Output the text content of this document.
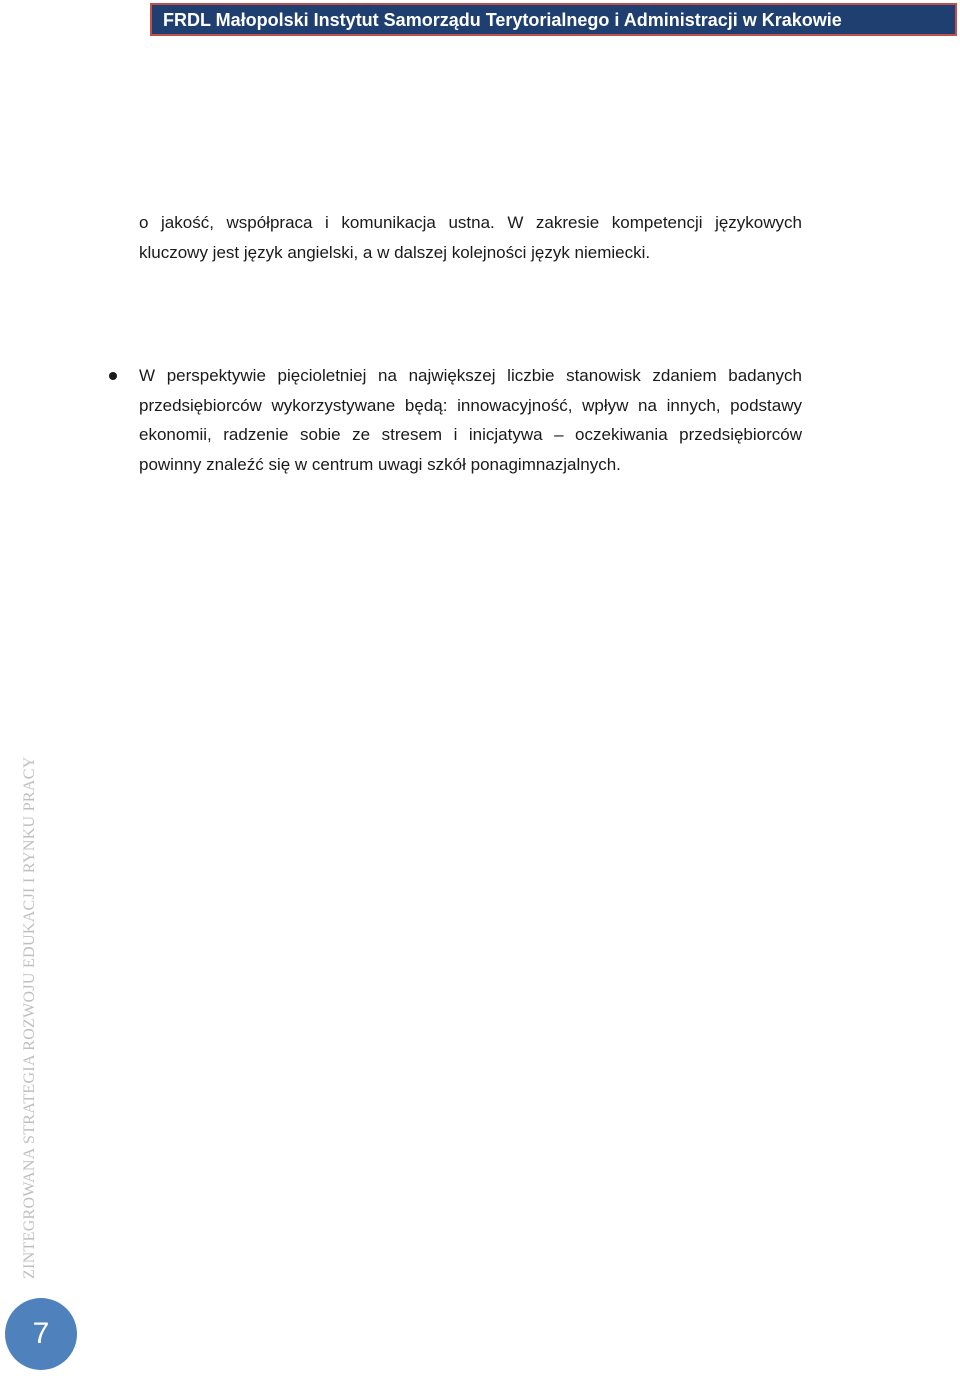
FRDL Małopolski Instytut Samorządu Terytorialnego i Administracji w Krakowie
o jakość, współpraca i komunikacja ustna. W zakresie kompetencji językowych kluczowy jest język angielski, a w dalszej kolejności język niemiecki.
W perspektywie pięcioletniej na największej liczbie stanowisk zdaniem badanych przedsiębiorców wykorzystywane będą: innowacyjność, wpływ na innych, podstawy ekonomii, radzenie sobie ze stresem i inicjatywa – oczekiwania przedsiębiorców powinny znaleźć się w centrum uwagi szkół ponagimnazjalnych.
ZINTEGROWANA STRATEGIA ROZWOJU EDUKACJI I RYNKU PRACY
7
